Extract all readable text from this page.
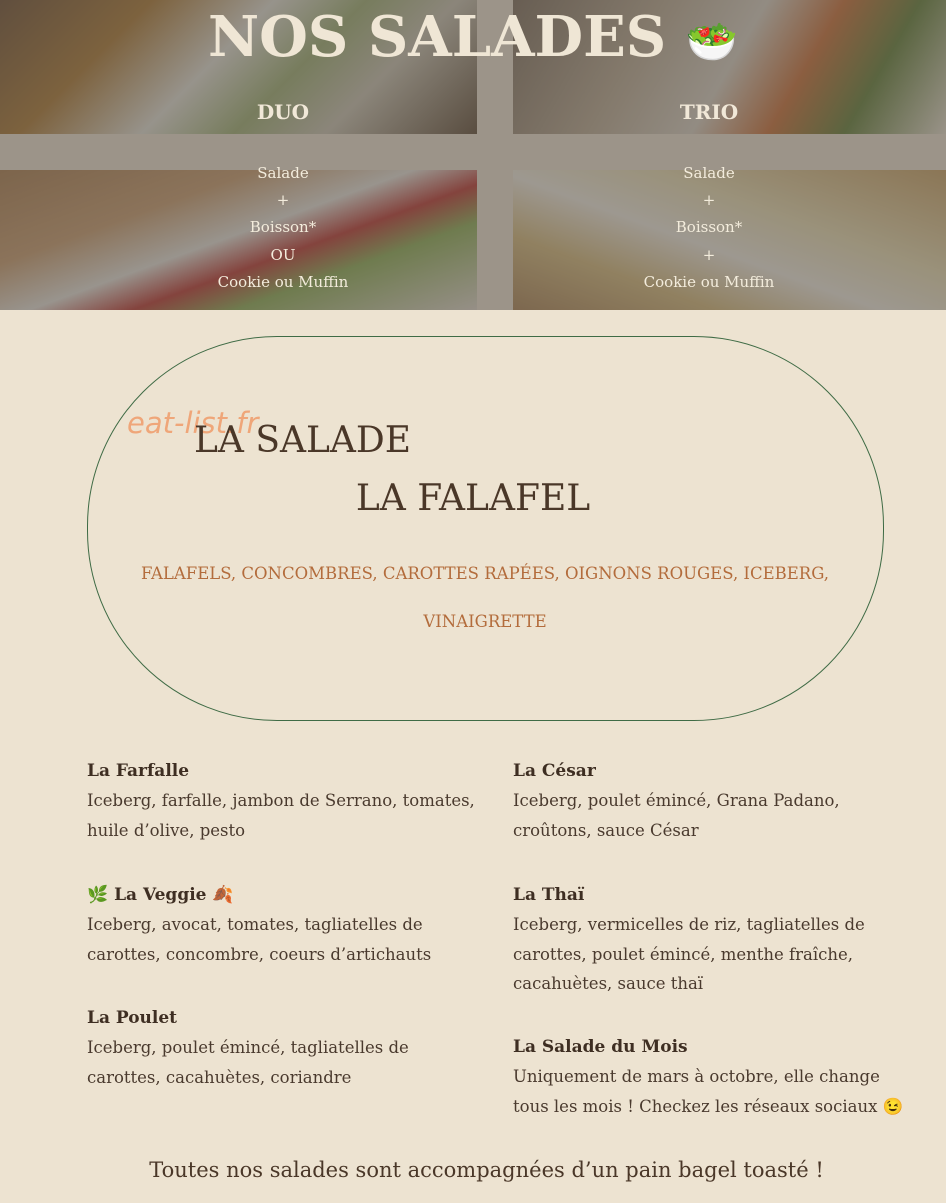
NOS SALADES 🥗
DUO
Salade
+
Boisson*
OU
Cookie ou Muffin
TRIO
Salade
+
Boisson*
+
Cookie ou Muffin
eat-list.fr
LA SALADE
LA FALAFEL
FALAFELS, CONCOMBRES, CAROTTES RAPÉES, OIGNONS ROUGES, ICEBERG, VINAIGRETTE
La Farfalle
Iceberg, farfalle, jambon de Serrano, tomates, huile d’olive, pesto
🌿 La Veggie 🍂
Iceberg, avocat, tomates, tagliatelles de carottes, concombre, coeurs d’artichauts
La Poulet
Iceberg, poulet émincé, tagliatelles de carottes, cacahuètes, coriandre
La César
Iceberg, poulet émincé, Grana Padano, croûtons, sauce César
La Thaï
Iceberg, vermicelles de riz, tagliatelles de carottes, poulet émincé, menthe fraîche, cacahuètes, sauce thaï
La Salade du Mois
Uniquement de mars à octobre, elle change tous les mois ! Checkez les réseaux sociaux 😉
Toutes nos salades sont accompagnées d’un pain bagel toasté !
